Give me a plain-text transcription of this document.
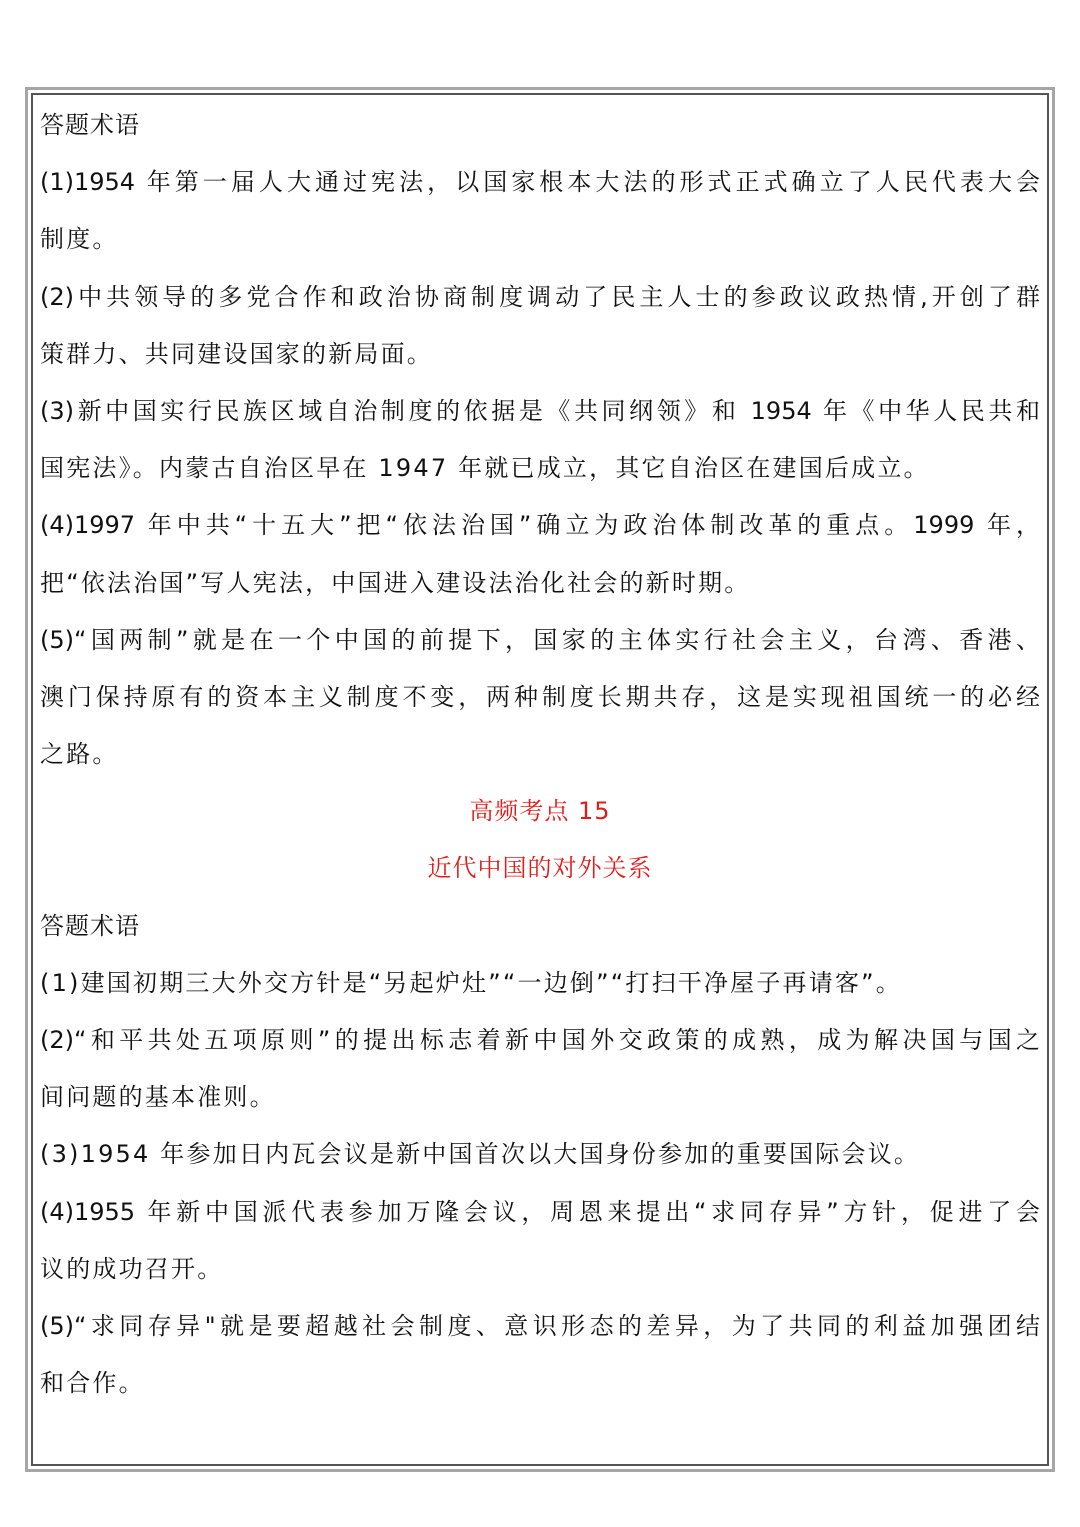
答题术语
(1)1954 年第一届人大通过宪法，以国家根本大法的形式正式确立了人民代表大会
制度。
(2)中共领导的多党合作和政治协商制度调动了民主人士的参政议政热情,开创了群
策群力、共同建设国家的新局面。
(3)新中国实行民族区域自治制度的依据是《共同纲领》和 1954 年《中华人民共和
国宪法》。内蒙古自治区早在 1947 年就已成立，其它自治区在建国后成立。
(4)1997 年中共“十五大”把“依法治国”确立为政治体制改革的重点。1999 年，
把“依法治国”写人宪法，中国进入建设法治化社会的新时期。
(5)“国两制”就是在一个中国的前提下，国家的主体实行社会主义，台湾、香港、
澳门保持原有的资本主义制度不变，两种制度长期共存，这是实现祖国统一的必经
之路。
高频考点 15
近代中国的对外关系
答题术语
(1)建国初期三大外交方针是“另起炉灶”“一边倒”“打扫干净屋子再请客”。
(2)“和平共处五项原则”的提出标志着新中国外交政策的成熟，成为解决国与国之
间问题的基本准则。
(3)1954 年参加日内瓦会议是新中国首次以大国身份参加的重要国际会议。
(4)1955 年新中国派代表参加万隆会议，周恩来提出“求同存异”方针，促进了会
议的成功召开。
(5)“求同存异"就是要超越社会制度、意识形态的差异，为了共同的利益加强团结
和合作。
